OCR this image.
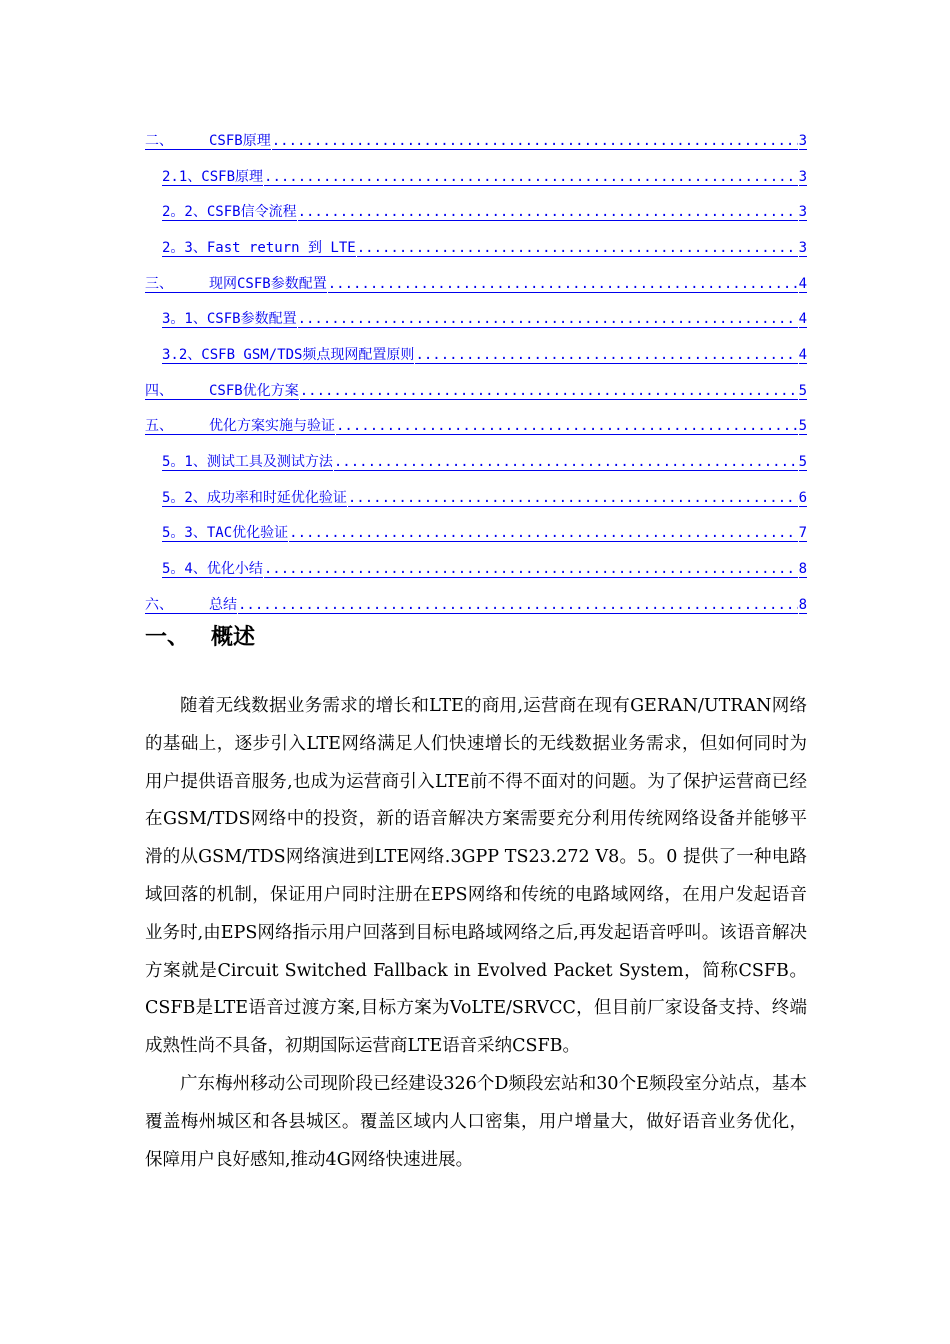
二、	CSFB原理 .....	3
2.1、CSFB原理 .....	3
2。2、CSFB信令流程 .....	3
2。3、Fast return 到 LTE .....	3
三、	现网CSFB参数配置 .....	4
3。1、CSFB参数配置 .....	4
3.2、CSFB GSM/TDS频点现网配置原则 .....	4
四、	CSFB优化方案 .....	5
五、	优化方案实施与验证 .....	5
5。1、测试工具及测试方法 .....	5
5。2、成功率和时延优化验证 .....	6
5。3、TAC优化验证 .....	7
5。4、优化小结 .....	8
六、	总结 .....	8
一、 概述

随着无线数据业务需求的增长和LTE的商用,运营商在现有GERAN/UTRAN网络的基础上，逐步引入LTE网络满足人们快速增长的无线数据业务需求，但如何同时为用户提供语音服务,也成为运营商引入LTE前不得不面对的问题。为了保护运营商已经在GSM/TDS网络中的投资，新的语音解决方案需要充分利用传统网络设备并能够平滑的从GSM/TDS网络演进到LTE网络.3GPP TS23.272 V8。5。0 提供了一种电路域回落的机制，保证用户同时注册在EPS网络和传统的电路域网络，在用户发起语音业务时,由EPS网络指示用户回落到目标电路域网络之后,再发起语音呼叫。该语音解决方案就是Circuit Switched Fallback in Evolved Packet System，简称CSFB。CSFB是LTE语音过渡方案,目标方案为VoLTE/SRVCC，但目前厂家设备支持、终端成熟性尚不具备，初期国际运营商LTE语音采纳CSFB。

广东梅州移动公司现阶段已经建设326个D频段宏站和30个E频段室分站点，基本覆盖梅州城区和各县城区。覆盖区域内人口密集，用户增量大，做好语音业务优化，保障用户良好感知,推动4G网络快速进展。
